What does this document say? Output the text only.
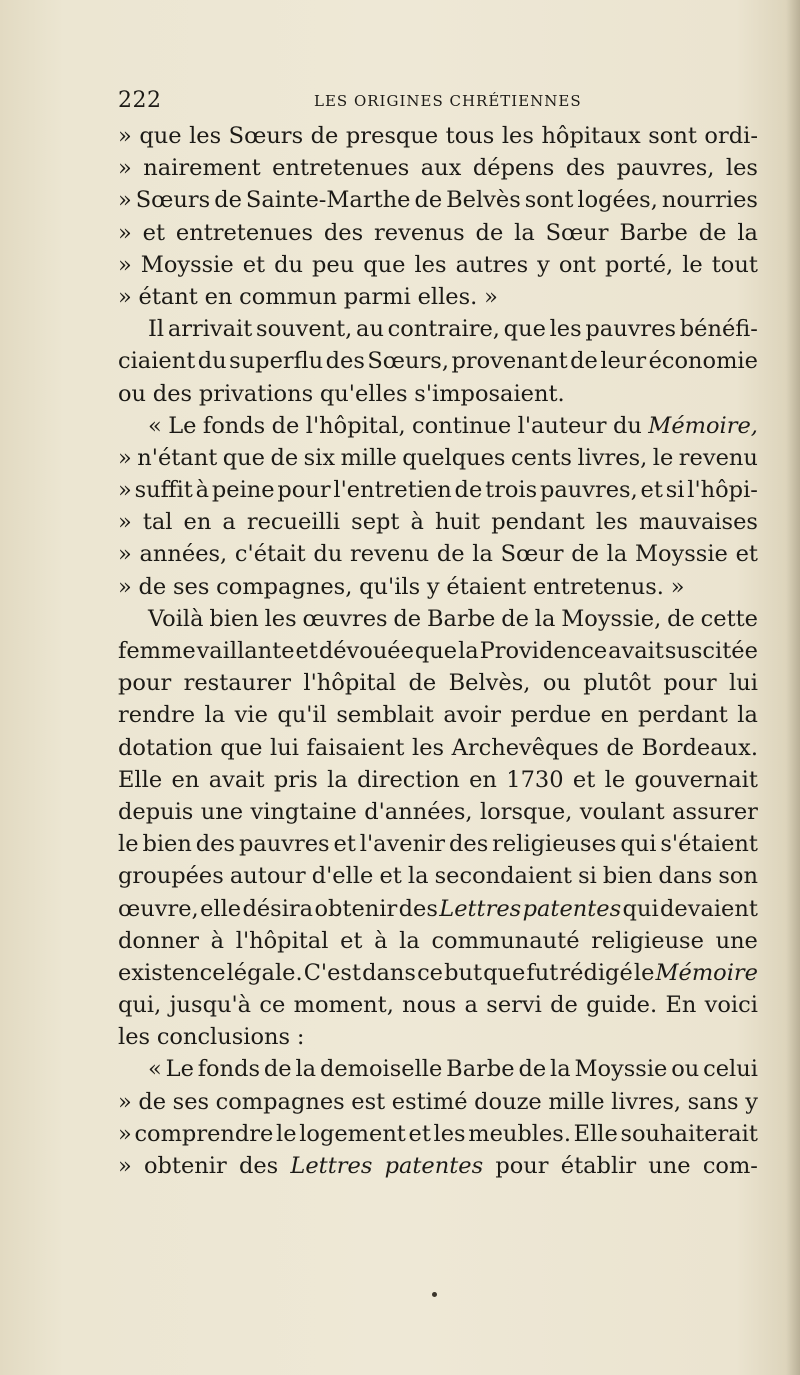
222	LES ORIGINES CHRÉTIENNES
» que les Sœurs de presque tous les hôpitaux sont ordi-
» nairement entretenues aux dépens des pauvres, les
» Sœurs de Sainte-Marthe de Belvès sont logées, nourries
» et entretenues des revenus de la Sœur Barbe de la
» Moyssie et du peu que les autres y ont porté, le tout
» étant en commun parmi elles. »
Il arrivait souvent, au contraire, que les pauvres bénéfi-
ciaient du superflu des Sœurs, provenant de leur économie
ou des privations qu'elles s'imposaient.
« Le fonds de l'hôpital, continue l'auteur du Mémoire,
» n'étant que de six mille quelques cents livres, le revenu
» suffit à peine pour l'entretien de trois pauvres, et si l'hôpi-
» tal en a recueilli sept à huit pendant les mauvaises
» années, c'était du revenu de la Sœur de la Moyssie et
» de ses compagnes, qu'ils y étaient entretenus. »
Voilà bien les œuvres de Barbe de la Moyssie, de cette
femme vaillante et dévouée que la Providence avait suscitée
pour restaurer l'hôpital de Belvès, ou plutôt pour lui
rendre la vie qu'il semblait avoir perdue en perdant la
dotation que lui faisaient les Archevêques de Bordeaux.
Elle en avait pris la direction en 1730 et le gouvernait
depuis une vingtaine d'années, lorsque, voulant assurer
le bien des pauvres et l'avenir des religieuses qui s'étaient
groupées autour d'elle et la secondaient si bien dans son
œuvre, elle désira obtenir des Lettres patentes qui devaient
donner à l'hôpital et à la communauté religieuse une
existence légale. C'est dans ce but que fut rédigé le Mémoire
qui, jusqu'à ce moment, nous a servi de guide. En voici
les conclusions :
« Le fonds de la demoiselle Barbe de la Moyssie ou celui
» de ses compagnes est estimé douze mille livres, sans y
» comprendre le logement et les meubles. Elle souhaiterait
» obtenir des Lettres patentes pour établir une com-
